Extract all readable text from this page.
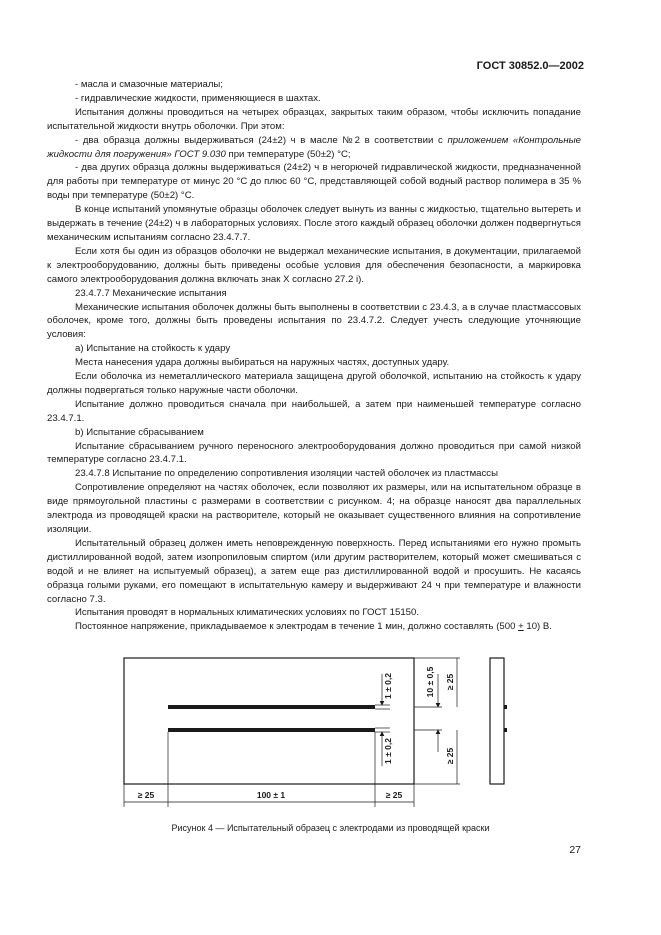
ГОСТ 30852.0—2002

- масла и смазочные материалы;

- гидравлические жидкости, применяющиеся в шахтах.

Испытания должны проводиться на четырех образцах, закрытых таким образом, чтобы исключить попадание испытательной жидкости внутрь оболочки. При этом:

- два образца должны выдерживаться (24±2) ч в масле №2 в соответствии с приложением «Контрольные жидкости для погружения» ГОСТ 9.030 при температуре (50±2) °С;

- два других образца должны выдерживаться (24±2) ч в негорючей гидравлической жидкости, предназначенной для работы при температуре от минус 20 °С до плюс 60 °С, представляющей собой водный раствор полимера в 35 % воды при температуре (50±2) °С.

В конце испытаний упомянутые образцы оболочек следует вынуть из ванны с жидкостью, тщательно вытереть и выдержать в течение (24±2) ч в лабораторных условиях. После этого каждый образец оболочки должен подвергнуться механическим испытаниям согласно 23.4.7.7.

Если хотя бы один из образцов оболочки не выдержал механические испытания, в документации, прилагаемой к электрооборудованию, должны быть приведены особые условия для обеспечения безопасности, а маркировка самого электрооборудования должна включать знак X согласно 27.2 i).

23.4.7.7 Механические испытания

Механические испытания оболочек должны быть выполнены в соответствии с 23.4.3, а в случае пластмассовых оболочек, кроме того, должны быть проведены испытания по 23.4.7.2. Следует учесть следующие уточняющие условия:

а) Испытание на стойкость к удару

Места нанесения удара должны выбираться на наружных частях, доступных удару.

Если оболочка из неметаллического материала защищена другой оболочкой, испытанию на стойкость к удару должны подвергаться только наружные части оболочки.

Испытание должно проводиться сначала при наибольшей, а затем при наименьшей температуре согласно 23.4.7.1.

b) Испытание сбрасыванием

Испытание сбрасыванием ручного переносного электрооборудования должно проводиться при самой низкой температуре согласно 23.4.7.1.

23.4.7.8 Испытание по определению сопротивления изоляции частей оболочек из пластмассы

Сопротивление определяют на частях оболочек, если позволяют их размеры, или на испытательном образце в виде прямоугольной пластины с размерами в соответствии с рисунком. 4; на образце наносят два параллельных электрода из проводящей краски на растворителе, который не оказывает существенного влияния на сопротивление изоляции.

Испытательный образец должен иметь неповрежденную поверхность. Перед испытаниями его нужно промыть дистиллированной водой, затем изопропиловым спиртом (или другим растворителем, который может смешиваться с водой и не влияет на испытуемый образец), а затем еще раз дистиллированной водой и просушить. Не касаясь образца голыми руками, его помещают в испытательную камеру и выдерживают 24 ч при температуре и влажности согласно 7.3.

Испытания проводят в нормальных климатических условиях по ГОСТ 15150.

Постоянное напряжение, прикладываемое к электродам в течение 1 мин, должно составлять (500 + 10) В.

1 ± 0,2
1 ± 0,2
10 ± 0,5 ≥ 25
≥ 25
≥ 25	100 ± 1	≥ 25
Рисунок 4 — Испытательный образец с электродами из проводящей краски
27
